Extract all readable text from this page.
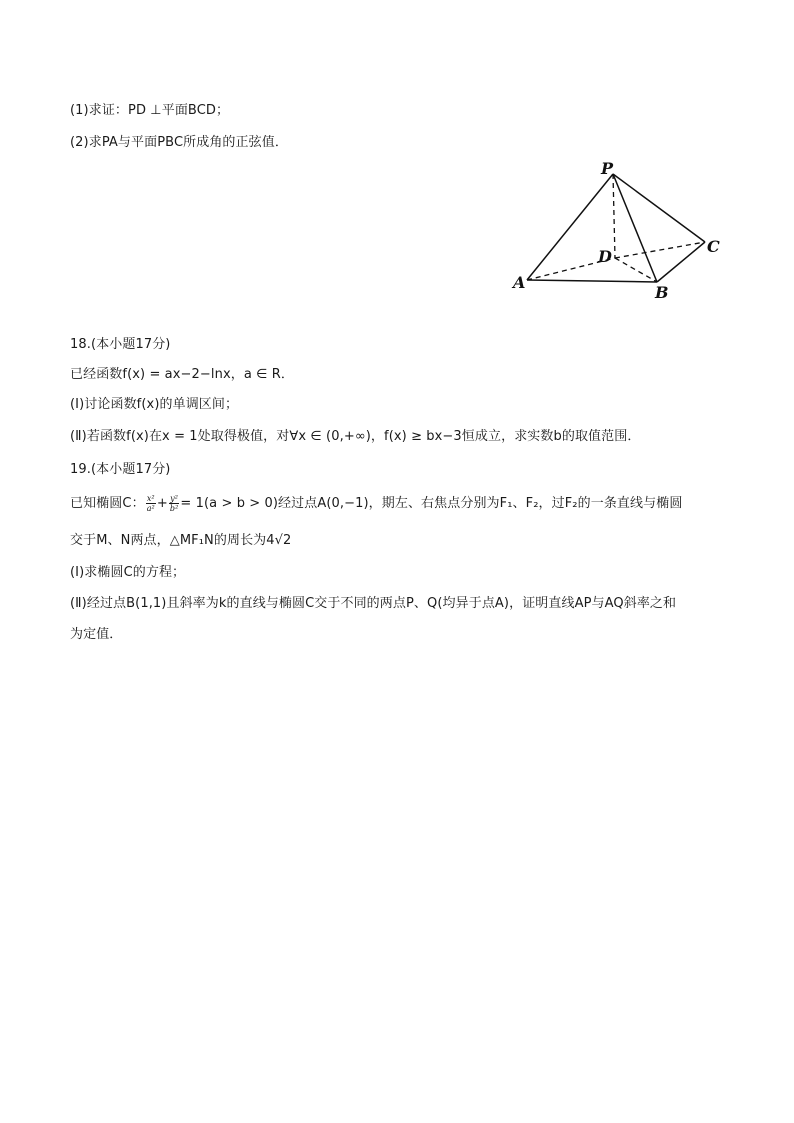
(1)求证：PD ⊥平面BCD；
(2)求PA与平面PBC所成角的正弦值．
P
A
B
C
D
18.(本小题17分)
已经函数f(x) = ax−2−lnx，a ∈ R．
(Ⅰ)讨论函数f(x)的单调区间；
(Ⅱ)若函数f(x)在x = 1处取得极值，对∀x ∈ (0,+∞)，f(x) ≥ bx−3恒成立，求实数b的取值范围．
19.(本小题17分)
已知椭圆C： $\frac{\text{x²}}{\text{a²}} + \frac{\text{y²}}{\text{b²}} = 1(a > b > 0)$经过点A(0,−1)，期左、右焦点分别为F₁、F₂，过F₂的一条直线与椭圆
交于M、N两点，△MF₁N的周长为4√2
(Ⅰ)求椭圆C的方程；
(Ⅱ)经过点B(1,1)且斜率为k的直线与椭圆C交于不同的两点P、Q(均异于点A)，证明直线AP与AQ斜率之和
为定值．
